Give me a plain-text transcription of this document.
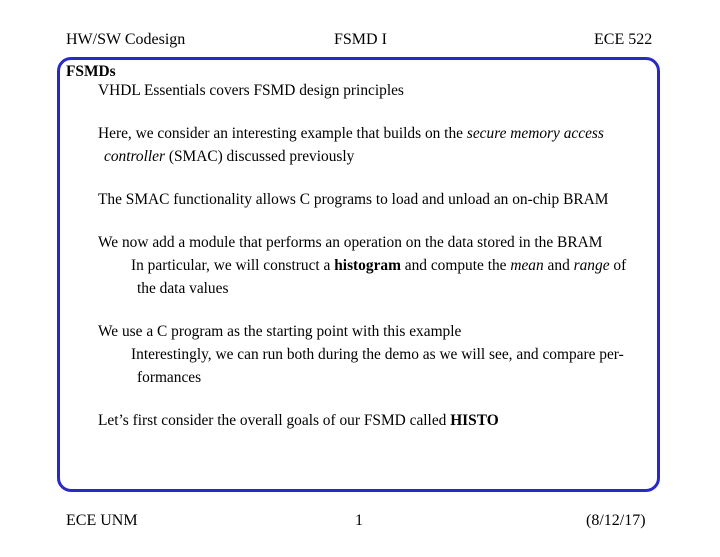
HW/SW Codesign	FSMD I	ECE 522
FSMDs
VHDL Essentials covers FSMD design principles
Here, we consider an interesting example that builds on the secure memory access
controller (SMAC) discussed previously
The SMAC functionality allows C programs to load and unload an on-chip BRAM
We now add a module that performs an operation on the data stored in the BRAM
In particular, we will construct a histogram and compute the mean and range of
the data values
We use a C program as the starting point with this example
Interestingly, we can run both during the demo as we will see, and compare per-
formances
Let’s first consider the overall goals of our FSMD called HISTO
ECE UNM	1	(8/12/17)
